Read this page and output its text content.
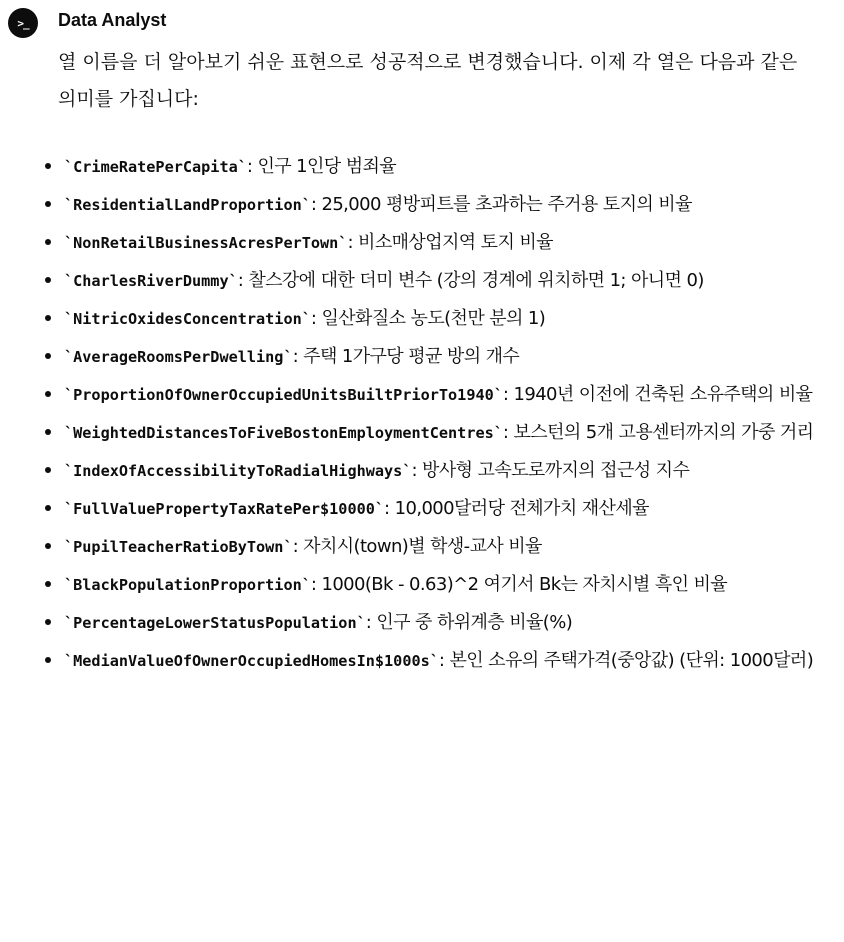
>_	Data Analyst
열 이름을 더 알아보기 쉬운 표현으로 성공적으로 변경했습니다. 이제 각 열은 다음과 같은 의미를 가집니다:
`CrimeRatePerCapita`: 인구 1인당 범죄율
`ResidentialLandProportion`: 25,000 평방피트를 초과하는 주거용 토지의 비율
`NonRetailBusinessAcresPerTown`: 비소매상업지역 토지 비율
`CharlesRiverDummy`: 찰스강에 대한 더미 변수 (강의 경계에 위치하면 1; 아니면 0)
`NitricOxidesConcentration`: 일산화질소 농도(천만 분의 1)
`AverageRoomsPerDwelling`: 주택 1가구당 평균 방의 개수
`ProportionOfOwnerOccupiedUnitsBuiltPriorTo1940`: 1940년 이전에 건축된 소유주택의 비율
`WeightedDistancesToFiveBostonEmploymentCentres`: 보스턴의 5개 고용센터까지의 가중 거리
`IndexOfAccessibilityToRadialHighways`: 방사형 고속도로까지의 접근성 지수
`FullValuePropertyTaxRatePer$10000`: 10,000달러당 전체가치 재산세율
`PupilTeacherRatioByTown`: 자치시(town)별 학생-교사 비율
`BlackPopulationProportion`: 1000(Bk - 0.63)^2 여기서 Bk는 자치시별 흑인 비율
`PercentageLowerStatusPopulation`: 인구 중 하위계층 비율(%)
`MedianValueOfOwnerOccupiedHomesIn$1000s`: 본인 소유의 주택가격(중앙값) (단위: 1000달러)
